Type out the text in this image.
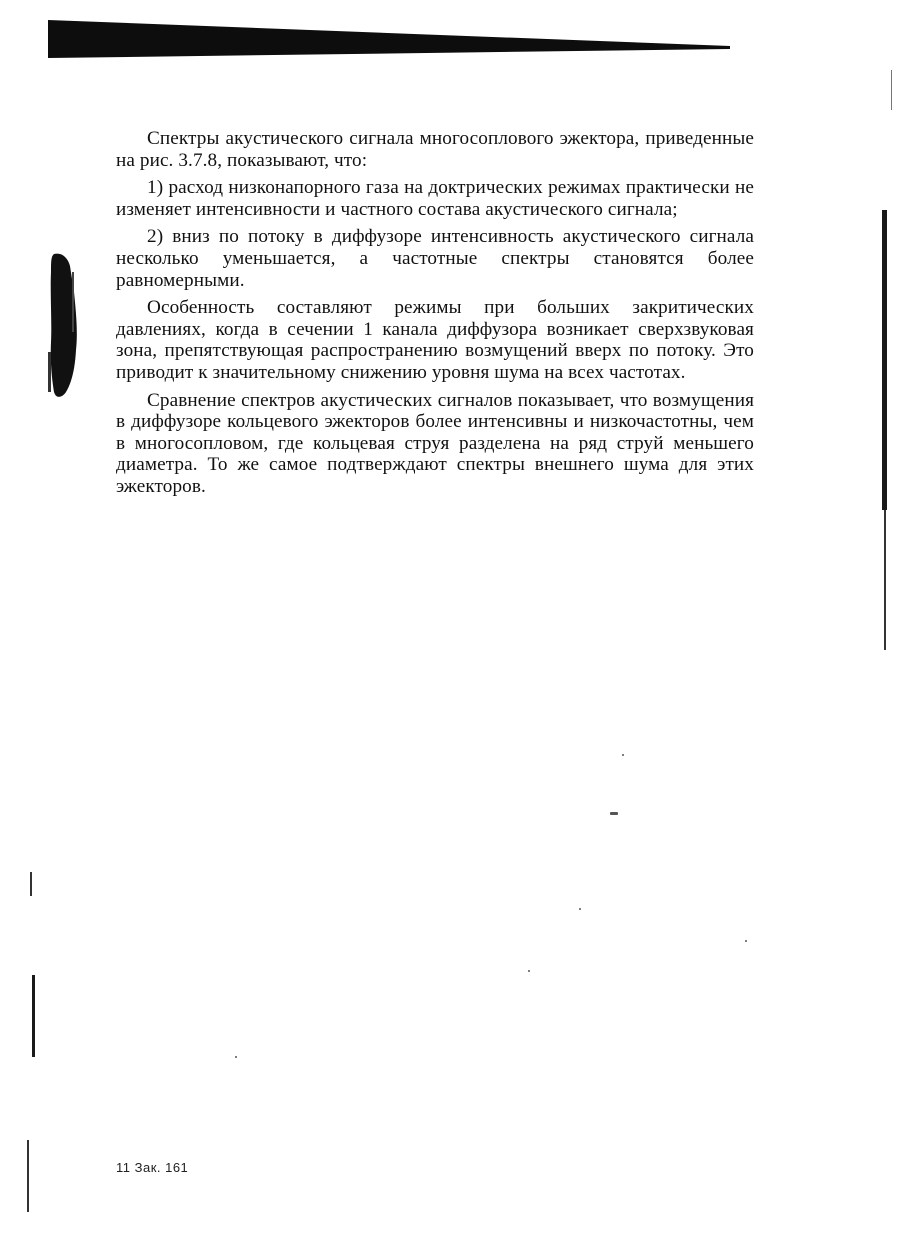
Спектры акустического сигнала многосоплового эжектора, приведенные на рис. 3.7.8, показывают, что:

1) расход низконапорного газа на доктрических режимах практически не изменяет интенсивности и частного состава акустического сигнала;

2) вниз по потоку в диффузоре интенсивность акустического сигнала несколько уменьшается, а частотные спектры становятся более равномерными.

Особенность составляют режимы при больших закритических давлениях, когда в сечении 1 канала диффузора возникает сверхзвуковая зона, препятствующая распространению возмущений вверх по потоку. Это приводит к значительному снижению уровня шума на всех частотах.

Сравнение спектров акустических сигналов показывает, что возмущения в диффузоре кольцевого эжекторов более интенсивны и низкочастотны, чем в многосопловом, где кольцевая струя разделена на ряд струй меньшего диаметра. То же самое подтверждают спектры внешнего шума для этих эжекторов.

11 Зак. 161
